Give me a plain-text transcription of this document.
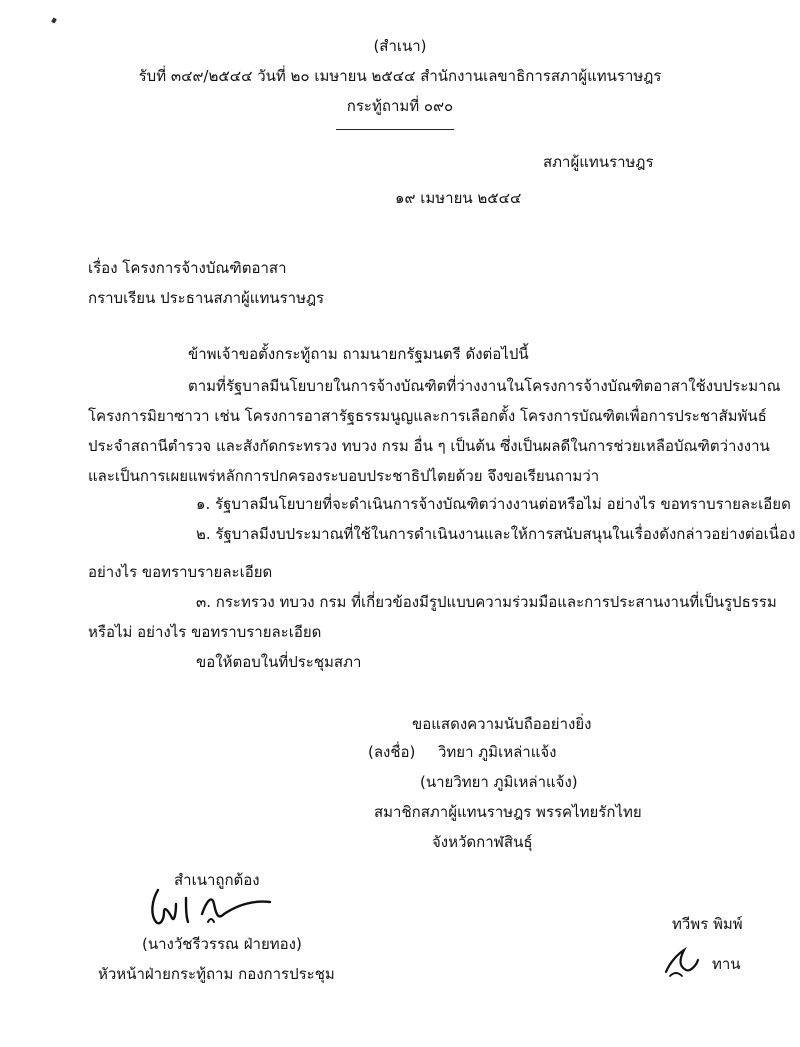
(สำเนา)
รับที่ ๓๔๙/๒๕๔๔ วันที่ ๒๐ เมษายน ๒๕๔๔ สำนักงานเลขาธิการสภาผู้แทนราษฎร
กระทู้ถามที่ ๐๙๐
สภาผู้แทนราษฎร
๑๙ เมษายน ๒๕๔๔
เรื่อง โครงการจ้างบัณฑิตอาสา
กราบเรียน ประธานสภาผู้แทนราษฎร
ข้าพเจ้าขอตั้งกระทู้ถาม ถามนายกรัฐมนตรี ดังต่อไปนี้
ตามที่รัฐบาลมีนโยบายในการจ้างบัณฑิตที่ว่างงานในโครงการจ้างบัณฑิตอาสาใช้งบประมาณ
โครงการมิยาซาวา เช่น โครงการอาสารัฐธรรมนูญและการเลือกตั้ง โครงการบัณฑิตเพื่อการประชาสัมพันธ์
ประจำสถานีตำรวจ และสังกัดกระทรวง ทบวง กรม อื่น ๆ เป็นต้น ซึ่งเป็นผลดีในการช่วยเหลือบัณฑิตว่างงาน
และเป็นการเผยแพร่หลักการปกครองระบอบประชาธิปไตยด้วย จึงขอเรียนถามว่า
๑. รัฐบาลมีนโยบายที่จะดำเนินการจ้างบัณฑิตว่างงานต่อหรือไม่ อย่างไร ขอทราบรายละเอียด
๒. รัฐบาลมีงบประมาณที่ใช้ในการดำเนินงานและให้การสนับสนุนในเรื่องดังกล่าวอย่างต่อเนื่อง
อย่างไร ขอทราบรายละเอียด
๓. กระทรวง ทบวง กรม ที่เกี่ยวข้องมีรูปแบบความร่วมมือและการประสานงานที่เป็นรูปธรรม
หรือไม่ อย่างไร ขอทราบรายละเอียด
ขอให้ตอบในที่ประชุมสภา
ขอแสดงความนับถืออย่างยิ่ง
(ลงชื่อ) วิทยา ภูมิเหล่าแจ้ง
(นายวิทยา ภูมิเหล่าแจ้ง)
สมาชิกสภาผู้แทนราษฎร พรรคไทยรักไทย
จังหวัดกาฬสินธุ์
สำเนาถูกต้อง
(นางวัชรีวรรณ ฝ่ายทอง)
หัวหน้าฝ่ายกระทู้ถาม กองการประชุม
ทวีพร พิมพ์
ทาน
